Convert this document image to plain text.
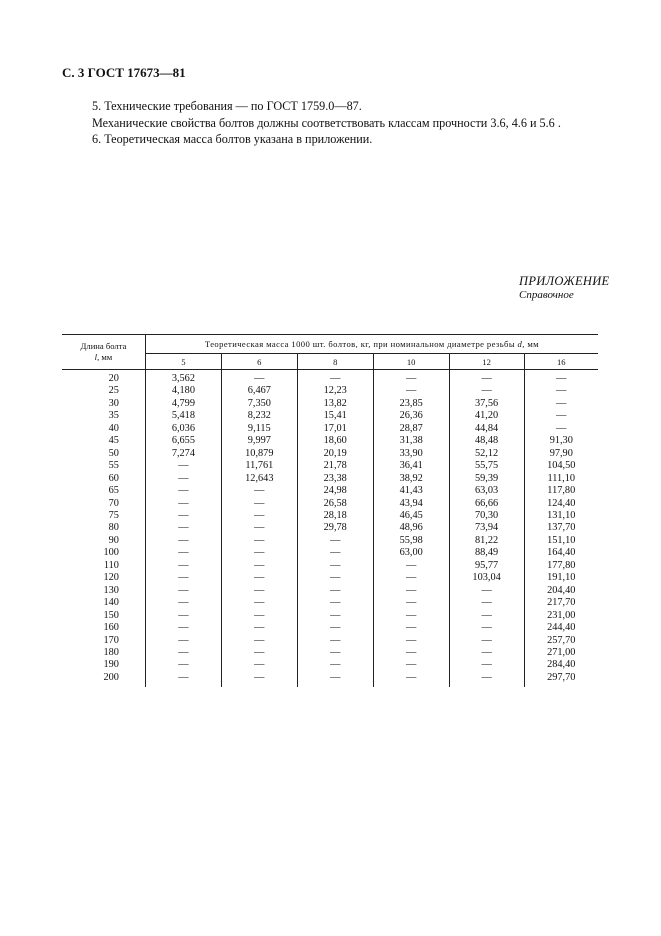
С. 3 ГОСТ 17673—81
5. Технические требования — по ГОСТ 1759.0—87.
Механические свойства болтов должны соответствовать классам прочности 3.6, 4.6 и 5.6 .
6. Теоретическая масса болтов указана в приложении.
ПРИЛОЖЕНИЕ
Справочное
Длина болта
l, мм	Теоретическая масса 1000 шт. болтов, кг, при номинальном диаметре резьбы d, мм					
	5	6	8	10	12	16

20	3,562	—	—	—	—	—
25	4,180	6,467	12,23	—	—	—
30	4,799	7,350	13,82	23,85	37,56	—
35	5,418	8,232	15,41	26,36	41,20	—
40	6,036	9,115	17,01	28,87	44,84	—
45	6,655	9,997	18,60	31,38	48,48	91,30
50	7,274	10,879	20,19	33,90	52,12	97,90
55	—	11,761	21,78	36,41	55,75	104,50
60	—	12,643	23,38	38,92	59,39	111,10
65	—	—	24,98	41,43	63,03	117,80
70	—	—	26,58	43,94	66,66	124,40
75	—	—	28,18	46,45	70,30	131,10
80	—	—	29,78	48,96	73,94	137,70
90	—	—	—	55,98	81,22	151,10
100	—	—	—	63,00	88,49	164,40
110	—	—	—	—	95,77	177,80
120	—	—	—	—	103,04	191,10
130	—	—	—	—	—	204,40
140	—	—	—	—	—	217,70
150	—	—	—	—	—	231,00
160	—	—	—	—	—	244,40
170	—	—	—	—	—	257,70
180	—	—	—	—	—	271,00
190	—	—	—	—	—	284,40
200	—	—	—	—	—	297,70
